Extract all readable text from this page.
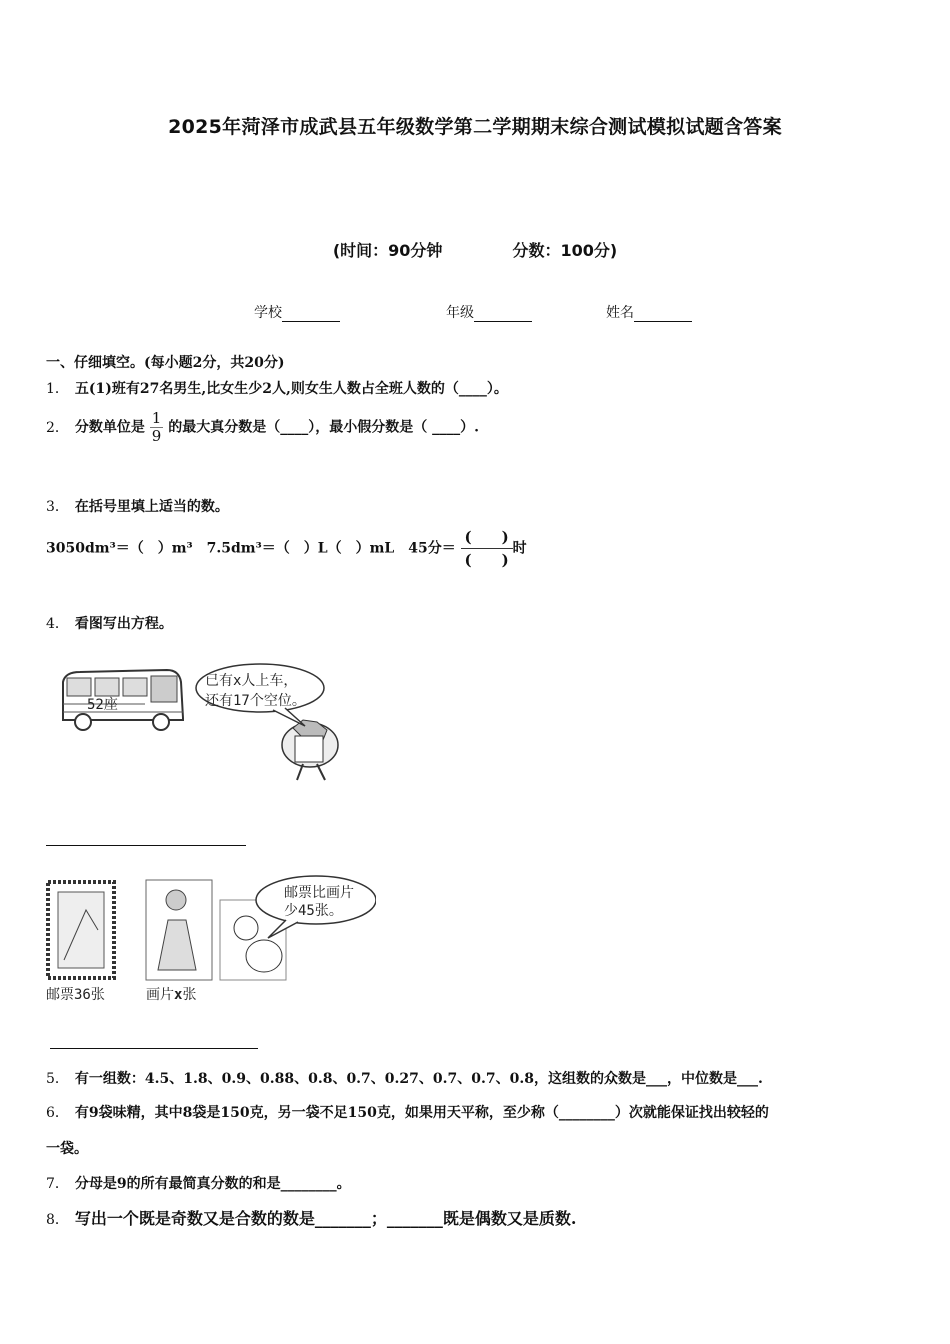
2025年菏泽市成武县五年级数学第二学期期末综合测试模拟试题含答案
(时间：90分钟	分数：100分)
学校	年级	姓名
一、仔细填空。(每小题2分，共20分)
1． 五(1)班有27名男生,比女生少2人,则女生人数占全班人数的（____）。
2． 分数单位是 $\frac{1}{9}$ 的最大真分数是（____），最小假分数是（ ____）.
3． 在括号里填上适当的数。
3050dm³＝（　）m³　7.5dm³＝（　）L（　）mL　45分＝
(　　)
(　　)
时
4． 看图写出方程。
52座
已有x人上车，
还有17个空位。
邮票36张	画片x张
邮票比画片
少45张。
5． 有一组数：4.5、1.8、0.9、0.88、0.8、0.7、0.27、0.7、0.7、0.8，这组数的众数是___，中位数是___.
6． 有9袋味精，其中8袋是150克，另一袋不足150克，如果用天平称，至少称（________）次就能保证找出较轻的
一袋。
7． 分母是9的所有最简真分数的和是________。
8． 写出一个既是奇数又是合数的数是_______；_______既是偶数又是质数.
